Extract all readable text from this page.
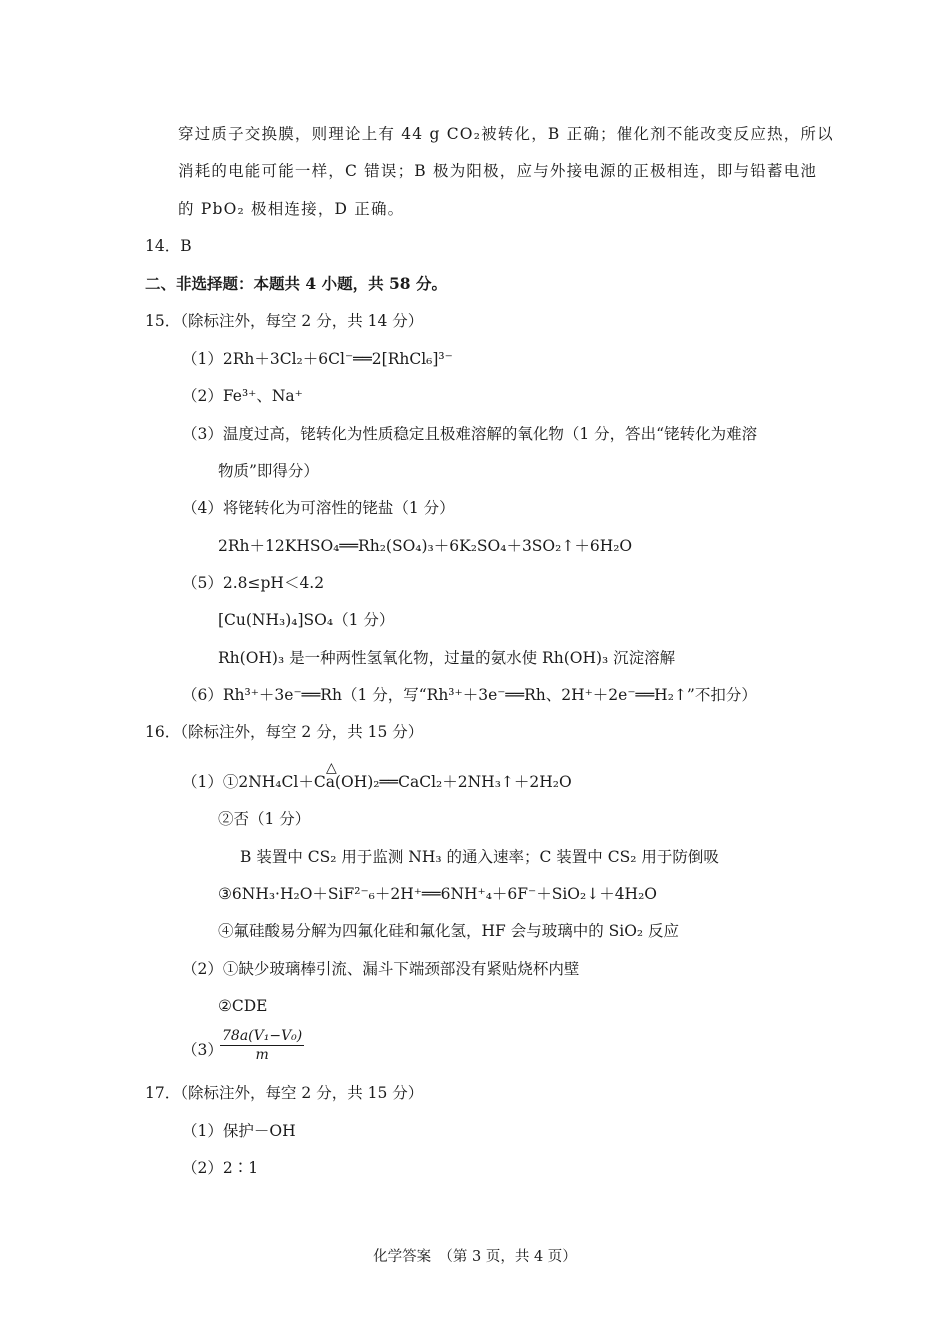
穿过质子交换膜，则理论上有 44 g CO₂被转化，B 正确；催化剂不能改变反应热，所以
消耗的电能可能一样，C 错误；B 极为阳极，应与外接电源的正极相连，即与铅蓄电池
的 PbO₂ 极相连接，D 正确。
14．B
二、非选择题：本题共 4 小题，共 58 分。
15．（除标注外，每空 2 分，共 14 分）
（1）2Rh＋3Cl₂＋6Cl⁻══2[RhCl₆]³⁻
（2）Fe³⁺、Na⁺
（3）温度过高，铑转化为性质稳定且极难溶解的氧化物（1 分，答出“铑转化为难溶
物质”即得分）
（4）将铑转化为可溶性的铑盐（1 分）
2Rh＋12KHSO₄══Rh₂(SO₄)₃＋6K₂SO₄＋3SO₂↑＋6H₂O
（5）2.8≤pH＜4.2
[Cu(NH₃)₄]SO₄（1 分）
Rh(OH)₃ 是一种两性氢氧化物，过量的氨水使 Rh(OH)₃ 沉淀溶解
（6）Rh³⁺＋3e⁻══Rh（1 分，写“Rh³⁺＋3e⁻══Rh、2H⁺＋2e⁻══H₂↑”不扣分）
16．（除标注外，每空 2 分，共 15 分）
△
（1）①2NH₄Cl＋Ca(OH)₂══CaCl₂＋2NH₃↑＋2H₂O
②否（1 分）
B 装置中 CS₂ 用于监测 NH₃ 的通入速率；C 装置中 CS₂ 用于防倒吸
③6NH₃·H₂O＋SiF²⁻₆＋2H⁺══6NH⁺₄＋6F⁻＋SiO₂↓＋4H₂O
④氟硅酸易分解为四氟化硅和氟化氢，HF 会与玻璃中的 SiO₂ 反应
（2）①缺少玻璃棒引流、漏斗下端颈部没有紧贴烧杯内壁
②CDE
（3）
$\frac{\text{78a(V₁−V₀)}}{m}$
17．（除标注外，每空 2 分，共 15 分）
（1）保护－OH
（2）2∶1
化学答案　（第 3 页，共 4 页）
